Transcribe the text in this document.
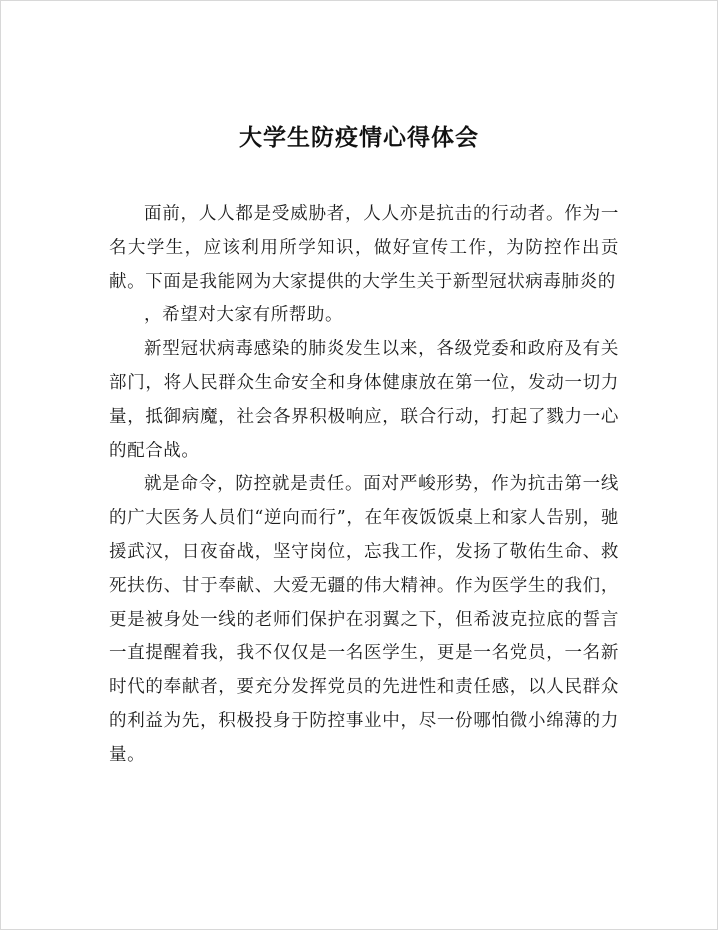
大学生防疫情心得体会

面前，人人都是受威胁者，人人亦是抗击的行动者。作为一名大学生，应该利用所学知识，做好宣传工作，为防控作出贡献。下面是我能网为大家提供的大学生关于新型冠状病毒肺炎的

，希望对大家有所帮助。

新型冠状病毒感染的肺炎发生以来，各级党委和政府及有关部门，将人民群众生命安全和身体健康放在第一位，发动一切力量，抵御病魔，社会各界积极响应，联合行动，打起了戮力一心的配合战。

就是命令，防控就是责任。面对严峻形势，作为抗击第一线的广大医务人员们“逆向而行”，在年夜饭饭桌上和家人告别，驰援武汉，日夜奋战，坚守岗位，忘我工作，发扬了敬佑生命、救死扶伤、甘于奉献、大爱无疆的伟大精神。作为医学生的我们，更是被身处一线的老师们保护在羽翼之下，但希波克拉底的誓言一直提醒着我，我不仅仅是一名医学生，更是一名党员，一名新时代的奉献者，要充分发挥党员的先进性和责任感，以人民群众的利益为先，积极投身于防控事业中，尽一份哪怕微小绵薄的力量。
